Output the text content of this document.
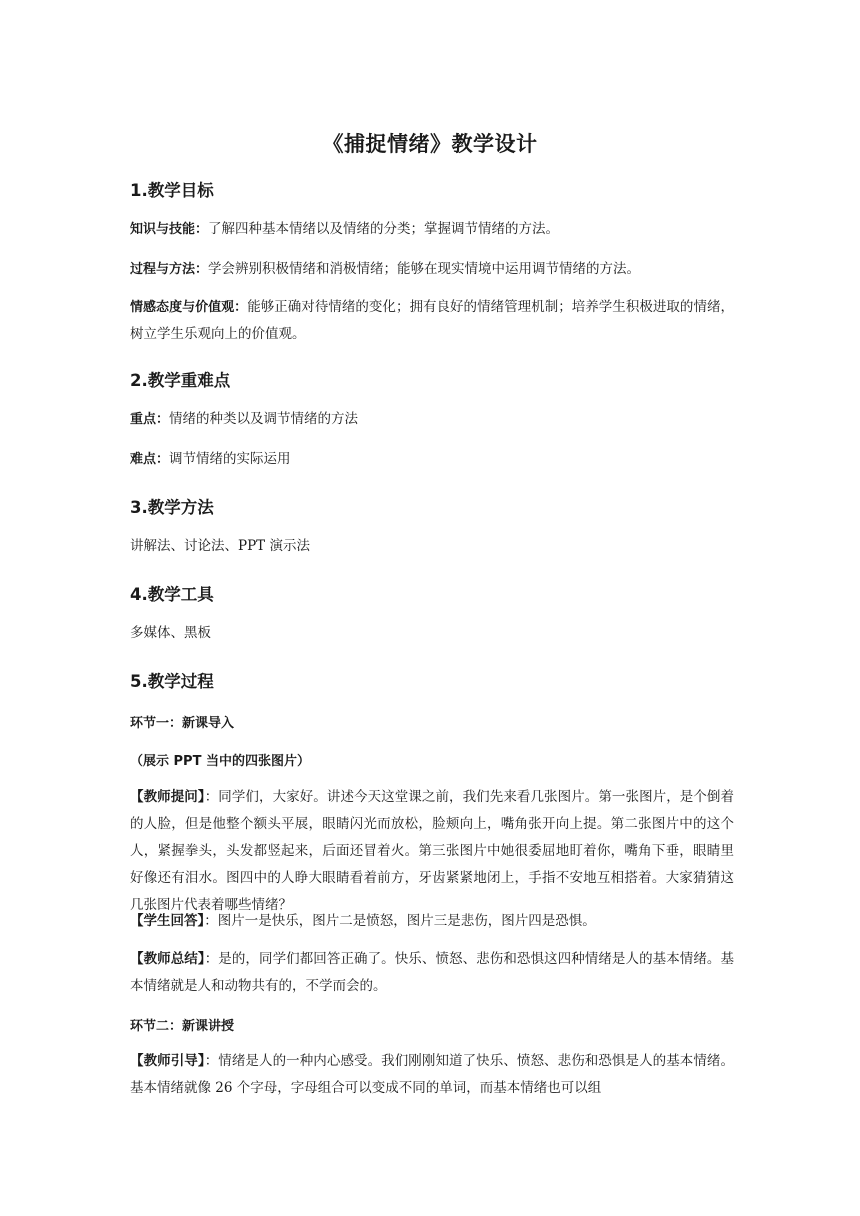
《捕捉情绪》教学设计
1.教学目标
知识与技能：了解四种基本情绪以及情绪的分类；掌握调节情绪的方法。
过程与方法：学会辨别积极情绪和消极情绪；能够在现实情境中运用调节情绪的方法。
情感态度与价值观：能够正确对待情绪的变化；拥有良好的情绪管理机制；培养学生积极进取的情绪，树立学生乐观向上的价值观。
2.教学重难点
重点：情绪的种类以及调节情绪的方法
难点：调节情绪的实际运用
3.教学方法
讲解法、讨论法、PPT 演示法
4.教学工具
多媒体、黑板
5.教学过程
环节一：新课导入
（展示 PPT 当中的四张图片）
【教师提问】：同学们，大家好。讲述今天这堂课之前，我们先来看几张图片。第一张图片，是个倒着的人脸，但是他整个额头平展，眼睛闪光而放松，脸颊向上，嘴角张开向上提。第二张图片中的这个人，紧握拳头，头发都竖起来，后面还冒着火。第三张图片中她很委屈地盯着你，嘴角下垂，眼睛里好像还有泪水。图四中的人睁大眼睛看着前方，牙齿紧紧地闭上，手指不安地互相搭着。大家猜猜这几张图片代表着哪些情绪？
【学生回答】：图片一是快乐，图片二是愤怒，图片三是悲伤，图片四是恐惧。
【教师总结】：是的，同学们都回答正确了。快乐、愤怒、悲伤和恐惧这四种情绪是人的基本情绪。基本情绪就是人和动物共有的，不学而会的。
环节二：新课讲授
【教师引导】：情绪是人的一种内心感受。我们刚刚知道了快乐、愤怒、悲伤和恐惧是人的基本情绪。基本情绪就像 26 个字母，字母组合可以变成不同的单词，而基本情绪也可以组
